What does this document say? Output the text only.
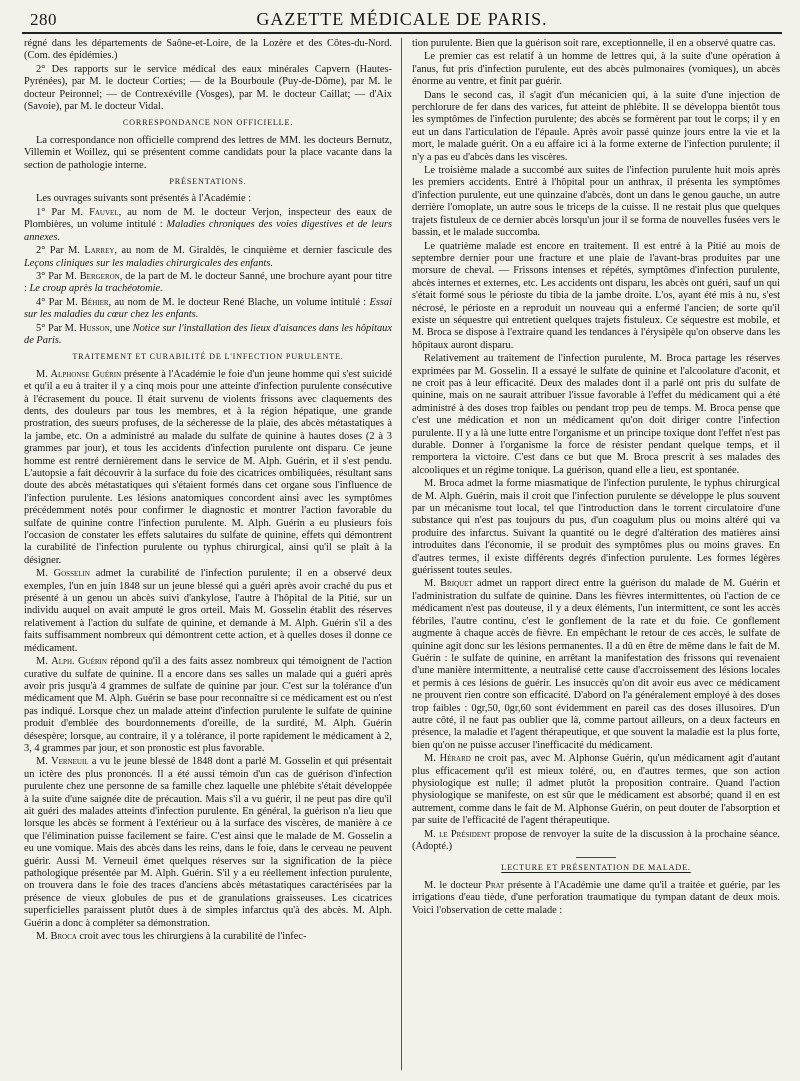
280	GAZETTE MÉDICALE DE PARIS.

régné dans les départements de Saône-et-Loire, de la Lozère et des Côtes-du-Nord. (Com. des épidémies.)

2° Des rapports sur le service médical des eaux minérales Capvern (Hautes-Pyrénées), par M. le docteur Corties; — de la Bourboule (Puy-de-Dôme), par M. le docteur Peironnel; — de Contrexéville (Vosges), par M. le docteur Caillat; — d'Aix (Savoie), par M. le docteur Vidal.

CORRESPONDANCE NON OFFICIELLE.

La correspondance non officielle comprend des lettres de MM. les docteurs Bernutz, Villemin et Woillez, qui se présentent comme candidats pour la place vacante dans la section de pathologie interne.

PRÉSENTATIONS.

Les ouvrages suivants sont présentés à l'Académie :

1° Par M. Fauvel, au nom de M. le docteur Verjon, inspecteur des eaux de Plombières, un volume intitulé : Maladies chroniques des voies digestives et de leurs annexes.

2° Par M. Larrey, au nom de M. Giraldès, le cinquième et dernier fascicule des Leçons cliniques sur les maladies chirurgicales des enfants.

3° Par M. Bergeron, de la part de M. le docteur Sanné, une brochure ayant pour titre : Le croup après la trachéotomie.

4° Par M. Béhier, au nom de M. le docteur René Blache, un volume intitulé : Essai sur les maladies du cœur chez les enfants.

5° Par M. Husson, une Notice sur l'installation des lieux d'aisances dans les hôpitaux de Paris.

TRAITEMENT ET CURABILITÉ DE L'INFECTION PURULENTE.

M. Alphonse Guérin présente à l'Académie le foie d'un jeune homme qui s'est suicidé et qu'il a eu à traiter il y a cinq mois pour une atteinte d'infection purulente consécutive à l'écrasement du pouce. Il était survenu de violents frissons avec claquements des dents, des douleurs par tous les membres, et à la région hépatique, une grande prostration, des sueurs profuses, de la sécheresse de la plaie, des abcès métastatiques à la jambe, etc. On a administré au malade du sulfate de quinine à hautes doses (2 à 3 grammes par jour), et tous les accidents d'infection purulente ont disparu. Ce jeune homme est rentré dernièrement dans le service de M. Alph. Guérin, et il s'est pendu. L'autopsie a fait découvrir à la surface du foie des cicatrices ombiliquées, résultant sans doute des abcès métastatiques qui s'étaient formés dans cet organe sous l'influence de l'infection purulente. Les lésions anatomiques concordent ainsi avec les symptômes précédemment notés pour confirmer le diagnostic et montrer l'action favorable du sulfate de quinine contre l'infection purulente. M. Alph. Guérin a eu plusieurs fois l'occasion de constater les effets salutaires du sulfate de quinine, effets qui démontrent la curabilité de l'infection purulente ou typhus chirurgical, ainsi qu'il se plaît à la désigner.

M. Gosselin admet la curabilité de l'infection purulente; il en a observé deux exemples, l'un en juin 1848 sur un jeune blessé qui a guéri après avoir craché du pus et présenté à un genou un abcès suivi d'ankylose, l'autre à l'hôpital de la Pitié, sur un individu auquel on avait amputé le gros orteil. Mais M. Gosselin établit des réserves relativement à l'action du sulfate de quinine, et demande à M. Alph. Guérin s'il a des faits suffisamment nombreux qui démontrent cette action, et à quelles doses il donne ce médicament.

M. Alph. Guérin répond qu'il a des faits assez nombreux qui témoignent de l'action curative du sulfate de quinine. Il a encore dans ses salles un malade qui a guéri après avoir pris jusqu'à 4 grammes de sulfate de quinine par jour. C'est sur la tolérance d'un médicament que M. Alph. Guérin se base pour reconnaître si ce médicament est ou n'est pas indiqué. Lorsque chez un malade atteint d'infection purulente le sulfate de quinine produit d'emblée des bourdonnements d'oreille, de la surdité, M. Alph. Guérin désespère; lorsque, au contraire, il y a tolérance, il porte rapidement le médicament à 2, 3, 4 grammes par jour, et son pronostic est plus favorable.

M. Verneuil a vu le jeune blessé de 1848 dont a parlé M. Gosselin et qui présentait un ictère des plus prononcés. Il a été aussi témoin d'un cas de guérison d'infection purulente chez une personne de sa famille chez laquelle une phlébite s'était développée à la suite d'une saignée dite de précaution. Mais s'il a vu guérir, il ne peut pas dire qu'il ait guéri des malades atteints d'infection purulente. En général, la guérison n'a lieu que lorsque les abcès se forment à l'extérieur ou à la surface des viscères, de manière à ce que l'élimination puisse facilement se faire. C'est ainsi que le malade de M. Gosselin a eu une vomique. Mais des abcès dans les reins, dans le foie, dans le cerveau ne peuvent guérir. Aussi M. Verneuil émet quelques réserves sur la signification de la pièce pathologique présentée par M. Alph. Guérin. S'il y a eu réellement infection purulente, on trouvera dans le foie des traces d'anciens abcès métastatiques caractérisées par la présence de vieux globules de pus et de granulations graisseuses. Les cicatrices superficielles paraissent plutôt dues à de simples infarctus qu'à des abcès. M. Alph. Guérin a donc à compléter sa démonstration.

M. Broca croit avec tous les chirurgiens à la curabilité de l'infec-

tion purulente. Bien que la guérison soit rare, exceptionnelle, il en a observé quatre cas.

Le premier cas est relatif à un homme de lettres qui, à la suite d'une opération à l'anus, fut pris d'infection purulente, eut des abcès pulmonaires (vomiques), un abcès énorme au ventre, et finit par guérir.

Dans le second cas, il s'agit d'un mécanicien qui, à la suite d'une injection de perchlorure de fer dans des varices, fut atteint de phlébite. Il se développa bientôt tous les symptômes de l'infection purulente; des abcès se formèrent par tout le corps; il y en eut un dans l'articulation de l'épaule. Après avoir passé quinze jours entre la vie et la mort, le malade guérit. On a eu affaire ici à la forme externe de l'infection purulente; il n'y a pas eu d'abcès dans les viscères.

Le troisième malade a succombé aux suites de l'infection purulente huit mois après les premiers accidents. Entré à l'hôpital pour un anthrax, il présenta les symptômes d'infection purulente, eut une quinzaine d'abcès, dont un dans le genou gauche, un autre derrière l'omoplate, un autre sous le triceps de la cuisse. Il ne restait plus que quelques trajets fistuleux de ce dernier abcès lorsqu'un jour il se forma de nouvelles fusées vers le bassin, et le malade succomba.

Le quatrième malade est encore en traitement. Il est entré à la Pitié au mois de septembre dernier pour une fracture et une plaie de l'avant-bras produites par une morsure de cheval. — Frissons intenses et répétés, symptômes d'infection purulente, abcès internes et externes, etc. Les accidents ont disparu, les abcès ont guéri, sauf un qui s'était formé sous le périoste du tibia de la jambe droite. L'os, ayant été mis à nu, s'est nécrosé, le périoste en a reproduit un nouveau qui a enfermé l'ancien; de sorte qu'il existe un séquestre qui entretient quelques trajets fistuleux. Ce séquestre est mobile, et M. Broca se dispose à l'extraire quand les tendances à l'érysipèle qu'on observe dans les hôpitaux auront disparu.

Relativement au traitement de l'infection purulente, M. Broca partage les réserves exprimées par M. Gosselin. Il a essayé le sulfate de quinine et l'alcoolature d'aconit, et ne croit pas à leur efficacité. Deux des malades dont il a parlé ont pris du sulfate de quinine, mais on ne saurait attribuer l'issue favorable à l'effet du médicament qui a été administré à des doses trop faibles ou pendant trop peu de temps. M. Broca pense que c'est une médication et non un médicament qu'on doit diriger contre l'infection purulente. Il y a là une lutte entre l'organisme et un principe toxique dont l'effet n'est pas durable. Donner à l'organisme la force de résister pendant quelque temps, et il remportera la victoire. C'est dans ce but que M. Broca prescrit à ses malades des alcooliques et un régime tonique. La guérison, quand elle a lieu, est spontanée.

M. Broca admet la forme miasmatique de l'infection purulente, le typhus chirurgical de M. Alph. Guérin, mais il croit que l'infection purulente se développe le plus souvent par un mécanisme tout local, tel que l'introduction dans le torrent circulatoire d'une substance qui n'est pas toujours du pus, d'un coagulum plus ou moins altéré qui va produire des infarctus. Suivant la quantité ou le degré d'altération des matières ainsi introduites dans l'économie, il se produit des symptômes plus ou moins graves. En d'autres termes, il existe différents degrés d'infection purulente. Les formes légères guérissent toutes seules.

M. Briquet admet un rapport direct entre la guérison du malade de M. Guérin et l'administration du sulfate de quinine. Dans les fièvres intermittentes, où l'action de ce médicament n'est pas douteuse, il y a deux éléments, l'un intermittent, ce sont les accès fébriles, l'autre continu, c'est le gonflement de la rate et du foie. Ce gonflement augmente à chaque accès de fièvre. En empêchant le retour de ces accès, le sulfate de quinine agit donc sur les lésions permanentes. Il a dû en être de même dans le fait de M. Guérin : le sulfate de quinine, en arrêtant la manifestation des frissons qui revenaient d'une manière intermittente, a neutralisé cette cause d'accroissement des lésions locales et permis à ces lésions de guérir. Les insuccès qu'on dit avoir eus avec ce médicament ne prouvent rien contre son efficacité. D'abord on l'a généralement employé à des doses trop faibles : 0gr,50, 0gr,60 sont évidemment en pareil cas des doses illusoires. D'un autre côté, il ne faut pas oublier que là, comme partout ailleurs, on a deux facteurs en présence, la maladie et l'agent thérapeutique, et que souvent la maladie est la plus forte, bien qu'on ne puisse accuser l'inefficacité du médicament.

M. Hérard ne croit pas, avec M. Alphonse Guérin, qu'un médicament agit d'autant plus efficacement qu'il est mieux toléré, ou, en d'autres termes, que son action physiologique est nulle; il admet plutôt la proposition contraire. Quand l'action physiologique se manifeste, on est sûr que le médicament est absorbé; quand il en est autrement, comme dans le fait de M. Alphonse Guérin, on peut douter de l'absorption et par suite de l'efficacité de l'agent thérapeutique.

M. le Président propose de renvoyer la suite de la discussion à la prochaine séance. (Adopté.)

LECTURE ET PRÉSENTATION DE MALADE.

M. le docteur Prat présente à l'Académie une dame qu'il a traitée et guérie, par les irrigations d'eau tiède, d'une perforation traumatique du tympan datant de deux mois. Voici l'observation de cette malade :
